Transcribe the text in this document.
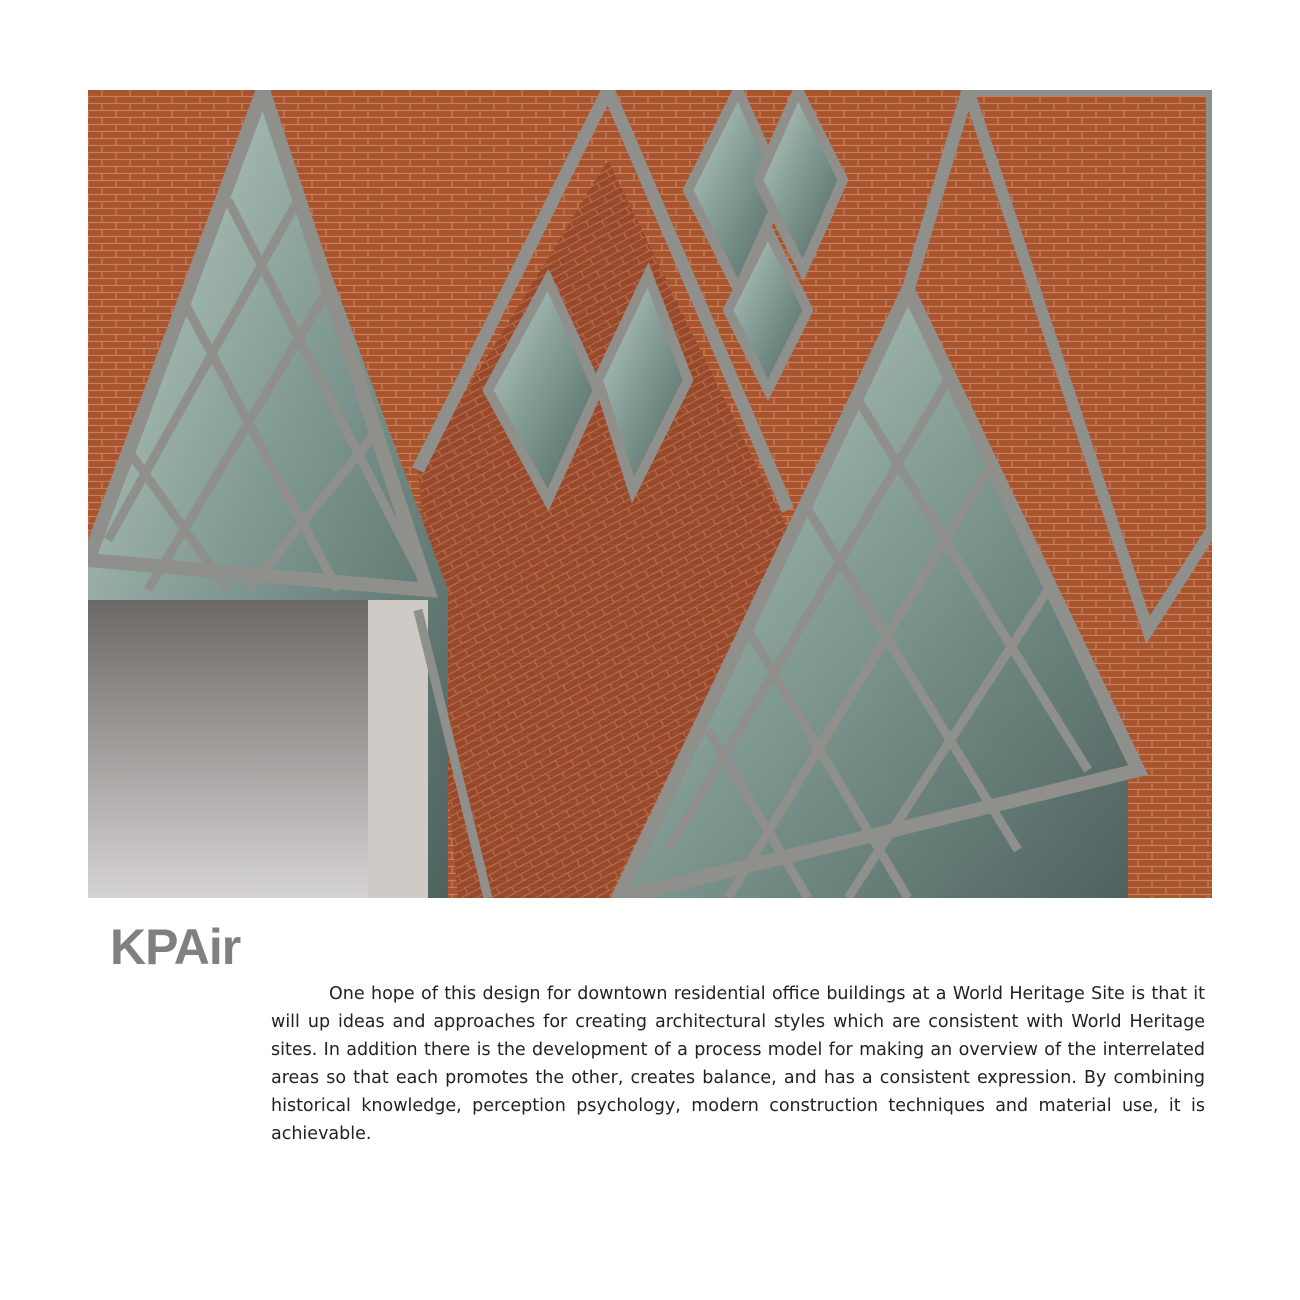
KPAir

One hope of this design for downtown residential office buildings at a World Heritage Site is that it will up ideas and approaches for creating architectural styles which are consistent with World Heritage sites. In addition there is the development of a process model for making an overview of the interrelated areas so that each promotes the other, creates balance, and has a consistent expression. By combining historical knowledge, perception psychology, modern construction techniques and material use, it is achievable.
